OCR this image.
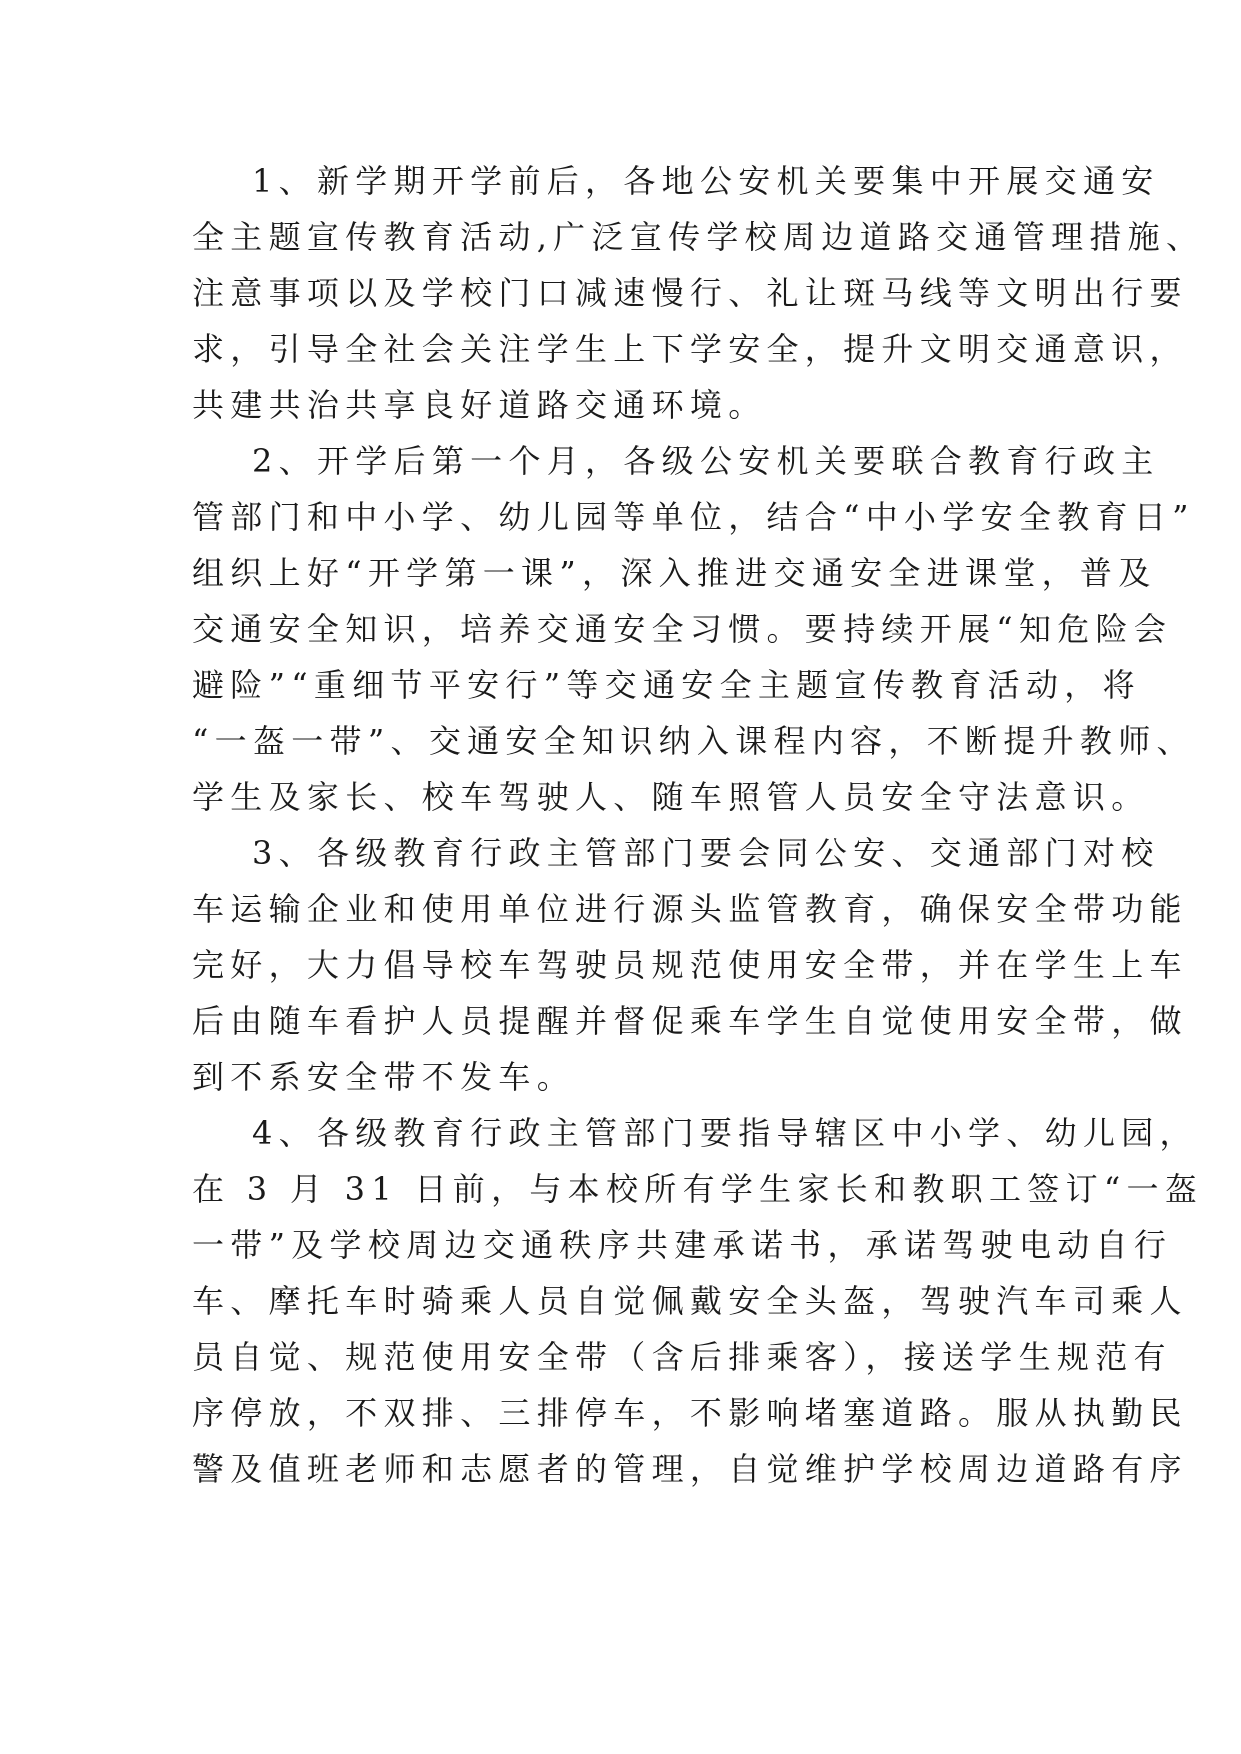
1、新学期开学前后，各地公安机关要集中开展交通安
全主题宣传教育活动,广泛宣传学校周边道路交通管理措施、
注意事项以及学校门口减速慢行、礼让斑马线等文明出行要
求，引导全社会关注学生上下学安全，提升文明交通意识，
共建共治共享良好道路交通环境。
2、开学后第一个月，各级公安机关要联合教育行政主
管部门和中小学、幼儿园等单位，结合“中小学安全教育日”
组织上好“开学第一课”，深入推进交通安全进课堂，普及
交通安全知识，培养交通安全习惯。要持续开展“知危险会
避险”“重细节平安行”等交通安全主题宣传教育活动，将
“一盔一带”、交通安全知识纳入课程内容，不断提升教师、
学生及家长、校车驾驶人、随车照管人员安全守法意识。
3、各级教育行政主管部门要会同公安、交通部门对校
车运输企业和使用单位进行源头监管教育，确保安全带功能
完好，大力倡导校车驾驶员规范使用安全带，并在学生上车
后由随车看护人员提醒并督促乘车学生自觉使用安全带，做
到不系安全带不发车。
4、各级教育行政主管部门要指导辖区中小学、幼儿园，
在 3 月 31 日前，与本校所有学生家长和教职工签订“一盔
一带”及学校周边交通秩序共建承诺书，承诺驾驶电动自行
车、摩托车时骑乘人员自觉佩戴安全头盔，驾驶汽车司乘人
员自觉、规范使用安全带（含后排乘客），接送学生规范有
序停放，不双排、三排停车，不影响堵塞道路。服从执勤民
警及值班老师和志愿者的管理，自觉维护学校周边道路有序
